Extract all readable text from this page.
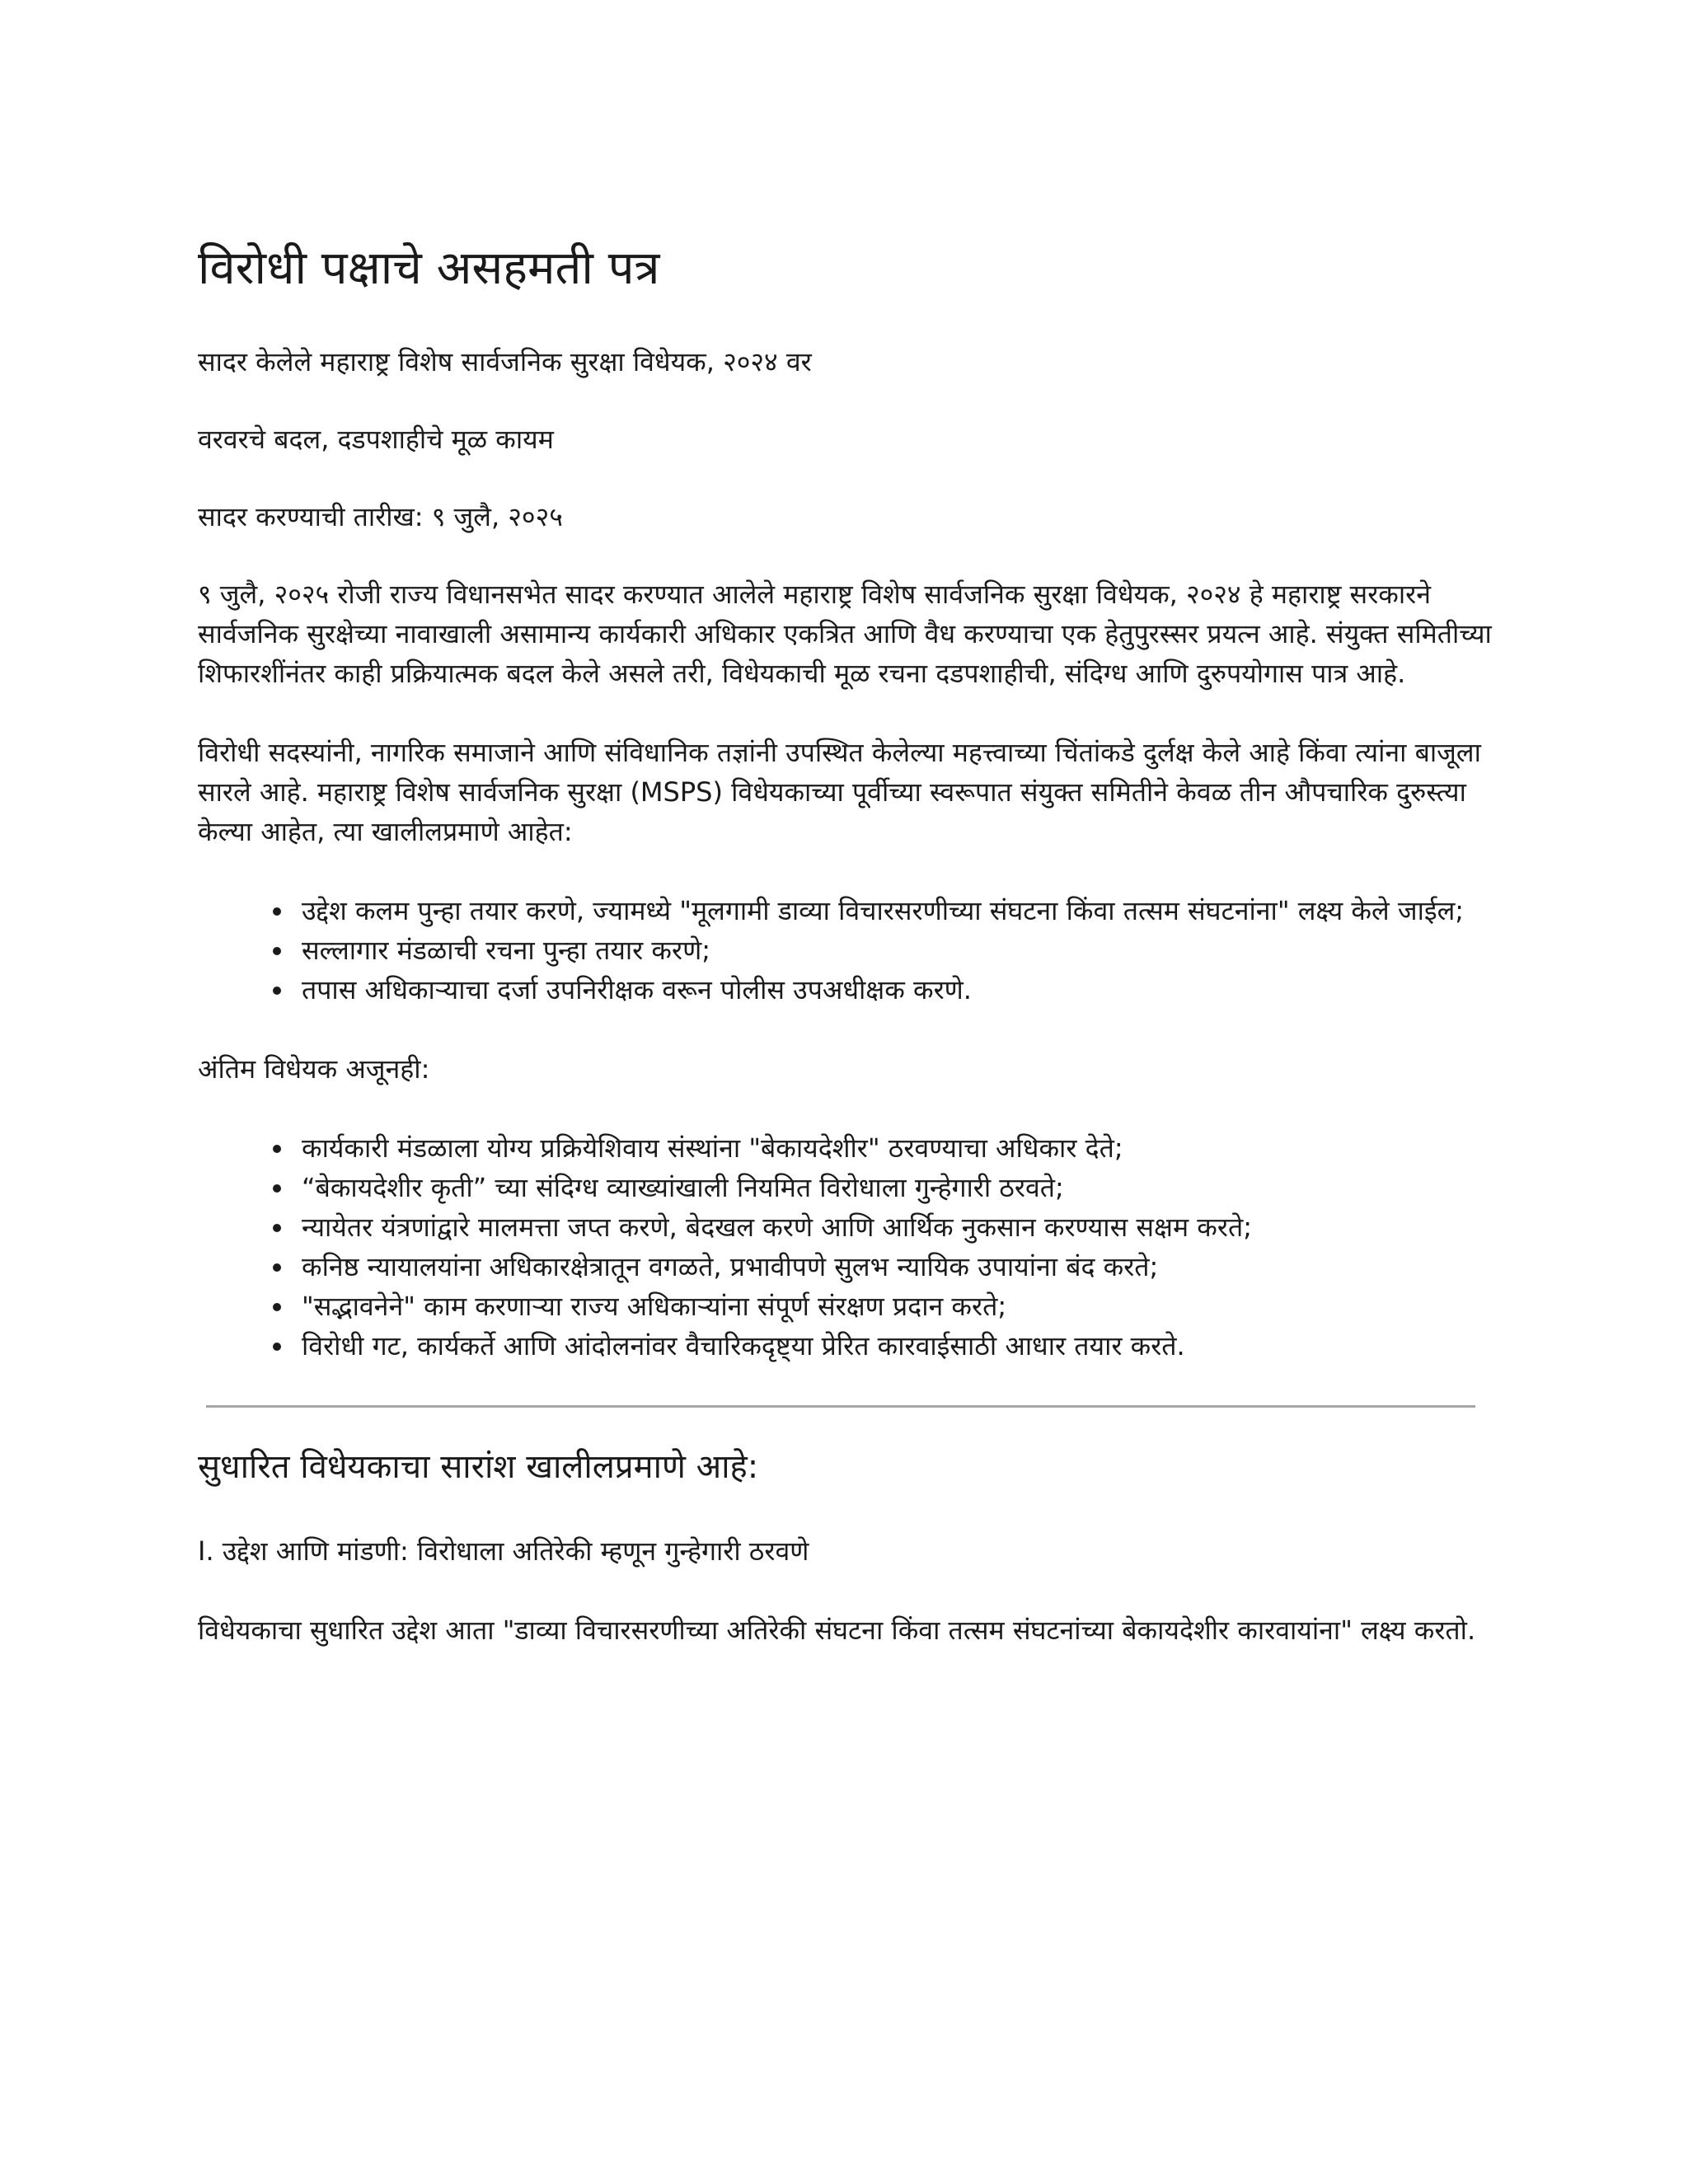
विरोधी पक्षाचे असहमती पत्र

सादर केलेले महाराष्ट्र विशेष सार्वजनिक सुरक्षा विधेयक, २०२४ वर

वरवरचे बदल, दडपशाहीचे मूळ कायम

सादर करण्याची तारीख: ९ जुलै, २०२५

९ जुलै, २०२५ रोजी राज्य विधानसभेत सादर करण्यात आलेले महाराष्ट्र विशेष सार्वजनिक सुरक्षा विधेयक, २०२४ हे महाराष्ट्र सरकारने सार्वजनिक सुरक्षेच्या नावाखाली असामान्य कार्यकारी अधिकार एकत्रित आणि वैध करण्याचा एक हेतुपुरस्सर प्रयत्न आहे. संयुक्त समितीच्या शिफारशींनंतर काही प्रक्रियात्मक बदल केले असले तरी, विधेयकाची मूळ रचना दडपशाहीची, संदिग्ध आणि दुरुपयोगास पात्र आहे.

विरोधी सदस्यांनी, नागरिक समाजाने आणि संविधानिक तज्ञांनी उपस्थित केलेल्या महत्त्वाच्या चिंतांकडे दुर्लक्ष केले आहे किंवा त्यांना बाजूला सारले आहे. महाराष्ट्र विशेष सार्वजनिक सुरक्षा (MSPS) विधेयकाच्या पूर्वीच्या स्वरूपात संयुक्त समितीने केवळ तीन औपचारिक दुरुस्त्या केल्या आहेत, त्या खालीलप्रमाणे आहेत:

• उद्देश कलम पुन्हा तयार करणे, ज्यामध्ये "मूलगामी डाव्या विचारसरणीच्या संघटना किंवा तत्सम संघटनांना" लक्ष्य केले जाईल;
• सल्लागार मंडळाची रचना पुन्हा तयार करणे;
• तपास अधिकाऱ्याचा दर्जा उपनिरीक्षक वरून पोलीस उपअधीक्षक करणे.

अंतिम विधेयक अजूनही:

• कार्यकारी मंडळाला योग्य प्रक्रियेशिवाय संस्थांना "बेकायदेशीर" ठरवण्याचा अधिकार देते;
• “बेकायदेशीर कृती” च्या संदिग्ध व्याख्यांखाली नियमित विरोधाला गुन्हेगारी ठरवते;
• न्यायेतर यंत्रणांद्वारे मालमत्ता जप्त करणे, बेदखल करणे आणि आर्थिक नुकसान करण्यास सक्षम करते;
• कनिष्ठ न्यायालयांना अधिकारक्षेत्रातून वगळते, प्रभावीपणे सुलभ न्यायिक उपायांना बंद करते;
• "सद्भावनेने" काम करणाऱ्या राज्य अधिकाऱ्यांना संपूर्ण संरक्षण प्रदान करते;
• विरोधी गट, कार्यकर्ते आणि आंदोलनांवर वैचारिकदृष्ट्या प्रेरित कारवाईसाठी आधार तयार करते.
सुधारित विधेयकाचा सारांश खालीलप्रमाणे आहे:

I. उद्देश आणि मांडणी: विरोधाला अतिरेकी म्हणून गुन्हेगारी ठरवणे

विधेयकाचा सुधारित उद्देश आता "डाव्या विचारसरणीच्या अतिरेकी संघटना किंवा तत्सम संघटनांच्या बेकायदेशीर कारवायांना" लक्ष्य करतो.
